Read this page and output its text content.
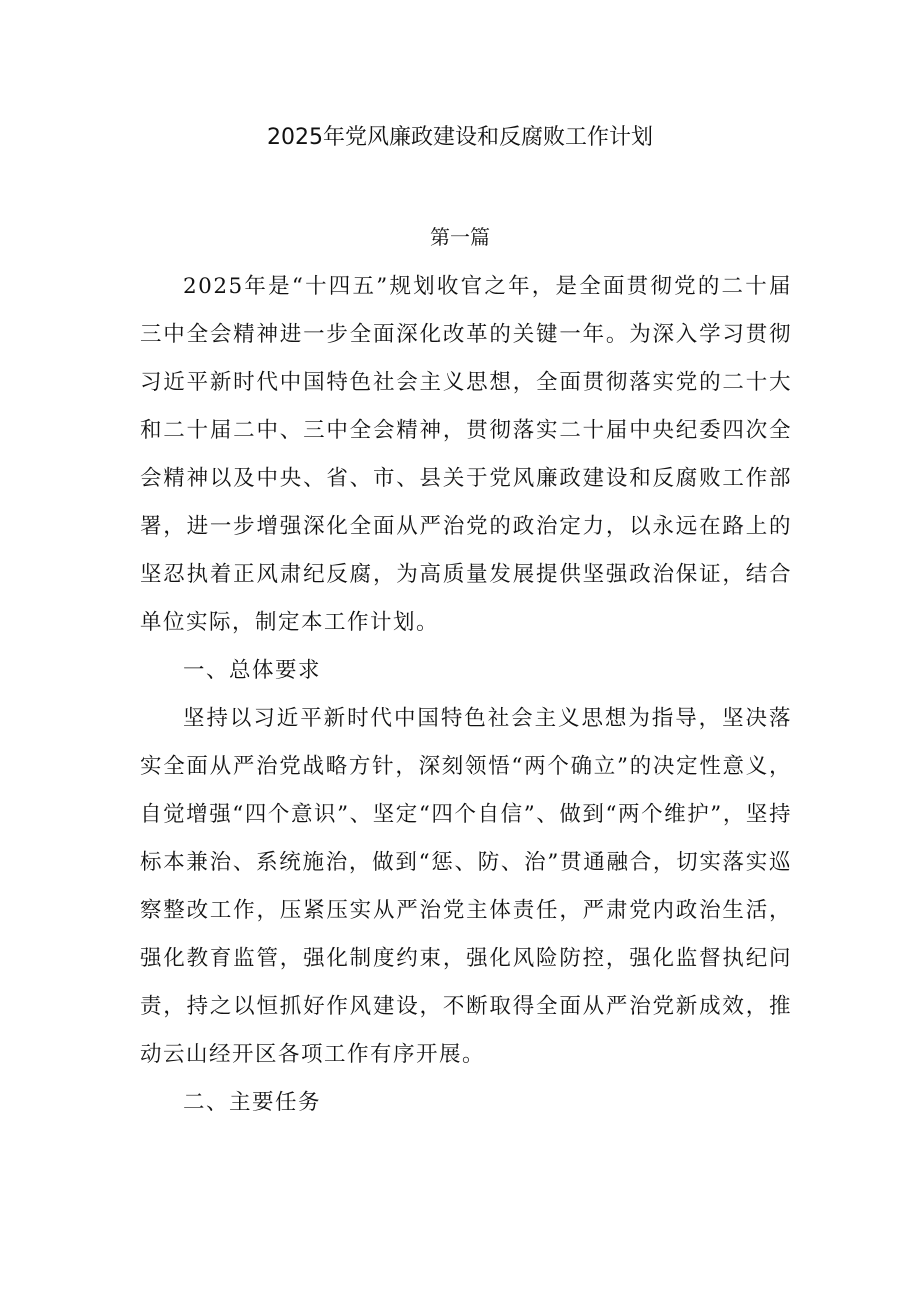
2025年党风廉政建设和反腐败工作计划
第一篇

2025年是“十四五”规划收官之年，是全面贯彻党的二十届三中全会精神进一步全面深化改革的关键一年。为深入学习贯彻习近平新时代中国特色社会主义思想，全面贯彻落实党的二十大和二十届二中、三中全会精神，贯彻落实二十届中央纪委四次全会精神以及中央、省、市、县关于党风廉政建设和反腐败工作部署，进一步增强深化全面从严治党的政治定力，以永远在路上的坚忍执着正风肃纪反腐，为高质量发展提供坚强政治保证，结合单位实际，制定本工作计划。

一、总体要求

坚持以习近平新时代中国特色社会主义思想为指导，坚决落实全面从严治党战略方针，深刻领悟“两个确立”的决定性意义，自觉增强“四个意识”、坚定“四个自信”、做到“两个维护”，坚持标本兼治、系统施治，做到“惩、防、治”贯通融合，切实落实巡察整改工作，压紧压实从严治党主体责任，严肃党内政治生活，强化教育监管，强化制度约束，强化风险防控，强化监督执纪问责，持之以恒抓好作风建设，不断取得全面从严治党新成效，推动云山经开区各项工作有序开展。

二、主要任务
